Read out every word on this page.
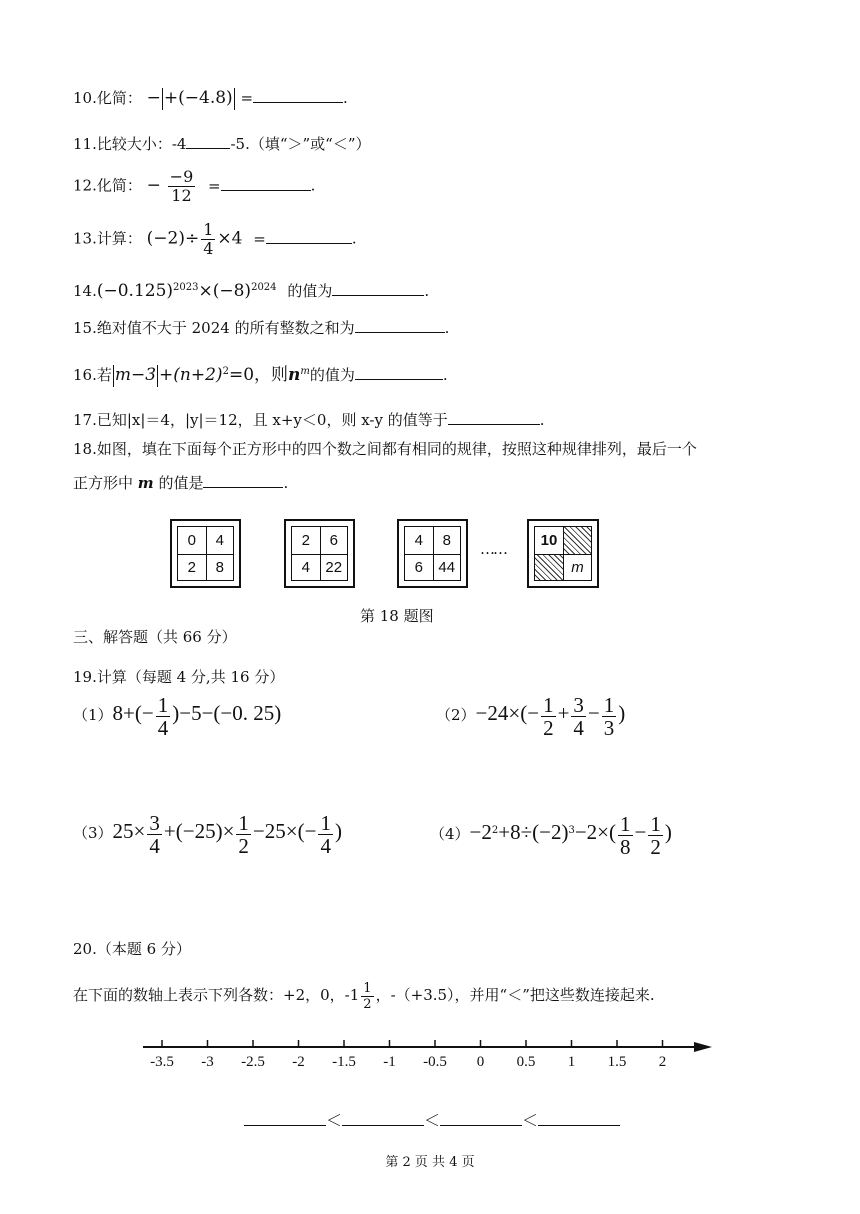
10.化简： − +(−4.8) =	.
11.比较大小：-4	-5.（填“＞”或“＜”）
12.化简： − $\frac{-9}{12}$ =	.
13.计算： $(-2)\div \frac{1}{4} \times 4$ =	.
$14.(-0.125)^{2023}\times(-8)^{2024}$ 的值为	.
15.绝对值不大于 2024 的所有整数之和为	.
16.若 $m-3 +(n+2)^2=0$，则$n^m$的值为	.
17.已知|x|＝4，|y|＝12，且 x+y＜0，则 x-y 的值等于	.
18.如图，填在下面每个正方形中的四个数之间都有相同的规律，按照这种规律排列，最后一个
正方形中 m 的值是	.
0	4
2	8
2	6
4	22
4	8
6	44
……	10
m
第 18 题图
三、解答题（共 66 分）
19.计算（每题 4 分,共 16 分）
$(1)8+(- \frac{1}{4} )-5-(-0$. 25)	$(2)-24\times(- \frac{1}{2} + \frac{3}{4} - \frac{1}{3}$ )
$(3)25\times \frac{3}{4} +(-25)\times \frac{1}{2} -25\times(- \frac{1}{4}$ )	$(4)-2^2+8\div(-2)^3-2\times( \frac{1}{8} - \frac{1}{2}$ )
20.（本题 6 分）
在下面的数轴上表示下列各数：+2，0，$-1 \frac{1}{2}$ ，-（+3.5），并用“＜”把这些数连接起来.
-3.5 -3 -2.5 -2 -1.5 -1 -0.5 0 0.5 1 1.5 2
＜	＜	＜
第 2 页 共 4 页
